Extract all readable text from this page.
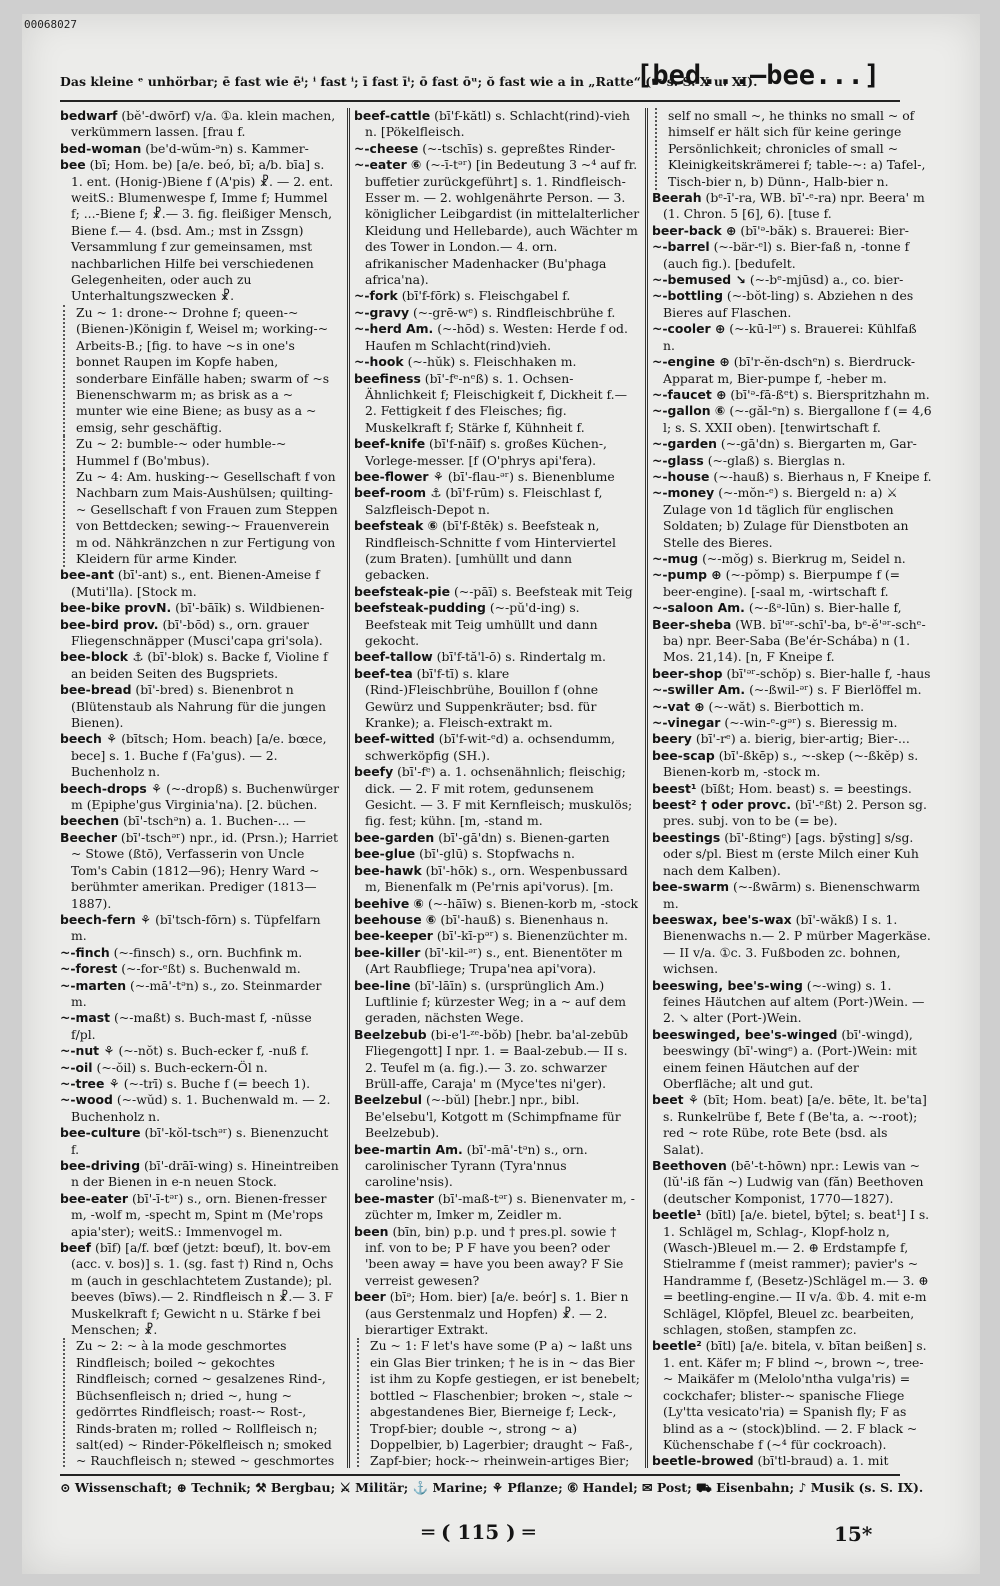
00068027
Das kleine ᵉ unhörbar; ē fast wie ēⁱ; ⁱ fast ⁱ; ī fast īⁱ; ō fast ōᵘ; ŏ fast wie a in „Ratte“ (☛ s. S. X u. XI).
[bed...—bee...]

bedwarf (bĕ'-dwōrf) v/a. ①a. klein machen, verkümmern lassen. [frau f.

bed-woman (be'd-wŭm-ᵊn) s. Kammer-

bee (bī; Hom. be) [a/e. beó, bī; a/b. bīa] s. 1. ent. (Honig-)Biene f (A'pis) ☧. — 2. ent. weitS.: Blumenwespe f, Imme f; Hummel f; ...-Biene f; ☧.— 3. fig. fleißiger Mensch, Biene f.— 4. (bsd. Am.; mst in Zssgn) Versammlung f zur gemeinsamen, mst nachbarlichen Hilfe bei verschiedenen Gelegenheiten, oder auch zu Unterhaltungszwecken ☧.

Zu ~ 1: drone-~ Drohne f; queen-~ (Bienen-)Königin f, Weisel m; working-~ Arbeits-B.; [fig. to have ~s in one's bonnet Raupen im Kopfe haben, sonderbare Einfälle haben; swarm of ~s Bienenschwarm m; as brisk as a ~ munter wie eine Biene; as busy as a ~ emsig, sehr geschäftig.

Zu ~ 2: bumble-~ oder humble-~ Hummel f (Bo'mbus).

Zu ~ 4: Am. husking-~ Gesellschaft f von Nachbarn zum Mais-Aushülsen; quilting-~ Gesellschaft f von Frauen zum Steppen von Bettdecken; sewing-~ Frauenverein m od. Nähkränzchen n zur Fertigung von Kleidern für arme Kinder.

bee-ant (bī'-ant) s., ent. Bienen-Ameise f (Muti'lla). [Stock m.

bee-bike provN. (bī'-bāīk) s. Wildbienen-

bee-bird prov. (bī'-bōd) s., orn. grauer Fliegenschnäpper (Musci'capa gri'sola).

bee-block ⚓ (bī'-blok) s. Backe f, Violine f an beiden Seiten des Bugspriets.

bee-bread (bī'-bred) s. Bienenbrot n (Blütenstaub als Nahrung für die jungen Bienen).

beech ⚘ (bītsch; Hom. beach) [a/e. bœce, bece] s. 1. Buche f (Fa'gus). — 2. Buchenholz n.

beech-drops ⚘ (~-dropß) s. Buchenwürger m (Epiphe'gus Virginia'na). [2. büchen.

beechen (bī'-tschᵊn) a. 1. Buchen-... —

Beecher (bī'-tschᵊʳ) npr., id. (Prsn.); Harriet ~ Stowe (ßtō), Verfasserin von Uncle Tom's Cabin (1812—96); Henry Ward ~ berühmter amerikan. Prediger (1813—1887).

beech-fern ⚘ (bī'tsch-fōrn) s. Tüpfelfarn m.

~-finch (~-finsch) s., orn. Buchfink m.

~-forest (~-for-ᵉßt) s. Buchenwald m.

~-marten (~-mā'-tᵊn) s., zo. Steinmarder m.

~-mast (~-maßt) s. Buch-mast f, -nüsse f/pl.

~-nut ⚘ (~-nŏt) s. Buch-ecker f, -nuß f.

~-oil (~-ŏil) s. Buch-eckern-Öl n.

~-tree ⚘ (~-trī) s. Buche f (= beech 1).

~-wood (~-wŭd) s. 1. Buchenwald m. — 2. Buchenholz n.

bee-culture (bī'-kŏl-tschᵊʳ) s. Bienenzucht f.

bee-driving (bī'-drāī-wing) s. Hineintreiben n der Bienen in e-n neuen Stock.

bee-eater (bī'-ī-tᵊʳ) s., orn. Bienen-fresser m, -wolf m, -specht m, Spint m (Me'rops apia'ster); weitS.: Immenvogel m.

beef (bīf) [a/f. bœf (jetzt: bœuf), lt. bov-em (acc. v. bos)] s. 1. (sg. fast †) Rind n, Ochs m (auch in geschlachtetem Zustande); pl. beeves (bīws).— 2. Rindfleisch n ☧.— 3. F Muskelkraft f; Gewicht n u. Stärke f bei Menschen; ☧.

Zu ~ 2: ~ à la mode geschmortes Rindfleisch; boiled ~ gekochtes Rindfleisch; corned ~ gesalzenes Rind-, Büchsenfleisch n; dried ~, hung ~ gedörrtes Rindfleisch; roast-~ Rost-, Rinds-braten m; rolled ~ Rollfleisch n; salt(ed) ~ Rinder-Pökelfleisch n; smoked ~ Rauchfleisch n; stewed ~ geschmortes

beef-cattle (bī'f-kătl) s. Schlacht(rind)-vieh n. [Pökelfleisch.

~-cheese (~-tschīs) s. gepreßtes Rinder-

~-eater ⑥ (~-ī-tᵊʳ) [in Bedeutung 3 ~⁴ auf fr. buffetier zurückgeführt] s. 1. Rindfleisch-Esser m. — 2. wohlgenährte Person. — 3. königlicher Leibgardist (in mittelalterlicher Kleidung und Hellebarde), auch Wächter m des Tower in London.— 4. orn. afrikanischer Madenhacker (Bu'phaga africa'na).

~-fork (bī'f-fōrk) s. Fleischgabel f.

~-gravy (~-grē-wᵉ) s. Rindfleischbrühe f.

~-herd Am. (~-hōd) s. Westen: Herde f od. Haufen m Schlacht(rind)vieh.

~-hook (~-hŭk) s. Fleischhaken m.

beefiness (bī'-fᵉ-nᵉß) s. 1. Ochsen-Ähnlichkeit f; Fleischigkeit f, Dickheit f.— 2. Fettigkeit f des Fleisches; fig. Muskelkraft f; Stärke f, Kühnheit f.

beef-knife (bī'f-nāīf) s. großes Küchen-, Vorlege-messer. [f (O'phrys api'fera).

bee-flower ⚘ (bī'-flau-ᵊʳ) s. Bienenblume

beef-room ⚓ (bī'f-rūm) s. Fleischlast f, Salzfleisch-Depot n.

beefsteak ⑥ (bī'f-ßtēk) s. Beefsteak n, Rindfleisch-Schnitte f vom Hinterviertel (zum Braten). [umhüllt und dann gebacken.

beefsteak-pie (~-pāī) s. Beefsteak mit Teig

beefsteak-pudding (~-pŭ'd-ing) s. Beefsteak mit Teig umhüllt und dann gekocht.

beef-tallow (bī'f-tă'l-ō) s. Rindertalg m.

beef-tea (bī'f-tī) s. klare (Rind-)Fleischbrühe, Bouillon f (ohne Gewürz und Suppenkräuter; bsd. für Kranke); a. Fleisch-extrakt m.

beef-witted (bī'f-wit-ᵉd) a. ochsendumm, schwerköpfig (SH.).

beefy (bī'-fᵉ) a. 1. ochsenähnlich; fleischig; dick. — 2. F mit rotem, gedunsenem Gesicht. — 3. F mit Kernfleisch; muskulös; fig. fest; kühn. [m, -stand m.

bee-garden (bī'-gā'dn) s. Bienen-garten

bee-glue (bī'-glū) s. Stopfwachs n.

bee-hawk (bī'-hōk) s., orn. Wespenbussard m, Bienenfalk m (Pe'rnis api'vorus). [m.

beehive ⑥ (~-hāīw) s. Bienen-korb m, -stock

beehouse ⑥ (bī'-hauß) s. Bienenhaus n.

bee-keeper (bī'-kī-pᵊʳ) s. Bienenzüchter m.

bee-killer (bī'-kil-ᵊʳ) s., ent. Bienentöter m (Art Raubfliege; Trupa'nea api'vora).

bee-line (bī'-lāīn) s. (ursprünglich Am.) Luftlinie f; kürzester Weg; in a ~ auf dem geraden, nächsten Wege.

Beelzebub (bi-e'l-ᶻᵉ-bŏb) [hebr. ba'al-zebūb Fliegengott] I npr. 1. = Baal-zebub.— II s. 2. Teufel m (a. fig.).— 3. zo. schwarzer Brüll-affe, Caraja' m (Myce'tes ni'ger).

Beelzebul (~-bŭl) [hebr.] npr., bibl. Be'elsebu'l, Kotgott m (Schimpfname für Beelzebub).

bee-martin Am. (bī'-mā'-tᵊn) s., orn. carolinischer Tyrann (Tyra'nnus caroline'nsis).

bee-master (bī'-maß-tᵊʳ) s. Bienenvater m, -züchter m, Imker m, Zeidler m.

been (bīn, bin) p.p. und † pres.pl. sowie † inf. von to be; P F have you been? oder 'been away = have you been away? F Sie verreist gewesen?

beer (bīᵊ; Hom. bier) [a/e. beór] s. 1. Bier n (aus Gerstenmalz und Hopfen) ☧. — 2. bierartiger Extrakt.

Zu ~ 1: F let's have some (P a) ~ laßt uns ein Glas Bier trinken; † he is in ~ das Bier ist ihm zu Kopfe gestiegen, er ist benebelt; bottled ~ Flaschenbier; broken ~, stale ~ abgestandenes Bier, Bierneige f; Leck-, Tropf-bier; double ~, strong ~ a) Doppelbier, b) Lagerbier; draught ~ Faß-, Zapf-bier; hock-~ rheinwein-artiges Bier;

self no small ~, he thinks no small ~ of himself er hält sich für keine geringe Persönlichkeit; chronicles of small ~ Kleinigkeitskrämerei f; table-~: a) Tafel-, Tisch-bier n, b) Dünn-, Halb-bier n.

Beerah (bᵉ-ī'-ra, WB. bī'-ᵉ-ra) npr. Beera' m (1. Chron. 5 [6], 6). [tuse f.

beer-back ⊕ (bī'ᵊ-băk) s. Brauerei: Bier-

~-barrel (~-bär-ᵉl) s. Bier-faß n, -tonne f (auch fig.). [bedufelt.

~-bemused ↘ (~-bᵉ-mjūsd) a., co. bier-

~-bottling (~-bŏt-ling) s. Abziehen n des Bieres auf Flaschen.

~-cooler ⊕ (~-kū-lᵊʳ) s. Brauerei: Kühlfaß n.

~-engine ⊕ (bī'r-ĕn-dschᵉn) s. Bierdruck-Apparat m, Bier-pumpe f, -heber m.

~-faucet ⊕ (bī'ᵊ-fā-ßᵉt) s. Bierspritzhahn m.

~-gallon ⑥ (~-găl-ᵉn) s. Biergallone f (= 4,6 l; s. S. XXII oben). [tenwirtschaft f.

~-garden (~-gā'dn) s. Biergarten m, Gar-

~-glass (~-glaß) s. Bierglas n.

~-house (~-hauß) s. Bierhaus n, F Kneipe f.

~-money (~-mŏn-ᵉ) s. Biergeld n: a) ⚔ Zulage von 1d täglich für englischen Soldaten; b) Zulage für Dienstboten an Stelle des Bieres.

~-mug (~-mŏg) s. Bierkrug m, Seidel n.

~-pump ⊕ (~-pŏmp) s. Bierpumpe f (= beer-engine). [-saal m, -wirtschaft f.

~-saloon Am. (~-ßᵊ-lūn) s. Bier-halle f,

Beer-sheba (WB. bī'ᵊʳ-schī'-ba, bᵉ-ĕ'ᵊʳ-schᵉ-ba) npr. Beer-Saba (Be'ér-Schába) n (1. Mos. 21,14). [n, F Kneipe f.

beer-shop (bī'ᵊʳ-schŏp) s. Bier-halle f, -haus

~-swiller Am. (~-ßwil-ᵊʳ) s. F Bierlöffel m.

~-vat ⊕ (~-wăt) s. Bierbottich m.

~-vinegar (~-win-ᵉ-gᵊʳ) s. Bieressig m.

beery (bī'-rᵉ) a. bierig, bier-artig; Bier-...

bee-scap (bī'-ßkēp) s., ~-skep (~-ßkĕp) s. Bienen-korb m, -stock m.

beest¹ (bīßt; Hom. beast) s. = beestings.

beest² † oder provc. (bī'-ᵉßt) 2. Person sg. pres. subj. von to be (= be).

beestings (bī'-ßtingᵉ) [ags. bȳsting] s/sg. oder s/pl. Biest m (erste Milch einer Kuh nach dem Kalben).

bee-swarm (~-ßwārm) s. Bienenschwarm m.

beeswax, bee's-wax (bī'-wăkß) I s. 1. Bienenwachs n.— 2. P mürber Magerkäse.— II v/a. ①c. 3. Fußboden zc. bohnen, wichsen.

beeswing, bee's-wing (~-wing) s. 1. feines Häutchen auf altem (Port-)Wein. — 2. ↘ alter (Port-)Wein.

beeswinged, bee's-winged (bī'-wingd), beeswingy (bī'-wingᵉ) a. (Port-)Wein: mit einem feinen Häutchen auf der Oberfläche; alt und gut.

beet ⚘ (bīt; Hom. beat) [a/e. bēte, lt. be'ta] s. Runkelrübe f, Bete f (Be'ta, a. ~-root); red ~ rote Rübe, rote Bete (bsd. als Salat).

Beethoven (bē'-t-hōwn) npr.: Lewis van ~ (lŭ'-iß făn ~) Ludwig van (făn) Beethoven (deutscher Komponist, 1770—1827).

beetle¹ (bītl) [a/e. bietel, bȳtel; s. beat¹] I s. 1. Schlägel m, Schlag-, Klopf-holz n, (Wasch-)Bleuel m.— 2. ⊕ Erdstampfe f, Stielramme f (meist rammer); pavier's ~ Handramme f, (Besetz-)Schlägel m.— 3. ⊕ = beetling-engine.— II v/a. ①b. 4. mit e-m Schlägel, Klöpfel, Bleuel zc. bearbeiten, schlagen, stoßen, stampfen zc.

beetle² (bītl) [a/e. bitela, v. bītan beißen] s. 1. ent. Käfer m; F blind ~, brown ~, tree-~ Maikäfer m (Melolo'ntha vulga'ris) = cockchafer; blister-~ spanische Fliege (Ly'tta vesicato'ria) = Spanish fly; F as blind as a ~ (stock)blind. — 2. F black ~ Küchenschabe f (~⁴ für cockroach).

beetle-browed (bī'tl-braud) a. 1. mit

⊙ Wissenschaft; ⊕ Technik; ⚒ Bergbau; ⚔ Militär; ⚓ Marine; ⚘ Pflanze; ⑥ Handel; ✉ Post; ⛟ Eisenbahn; ♪ Musik (s. S. IX).
═ ( 115 ) ═	15*
